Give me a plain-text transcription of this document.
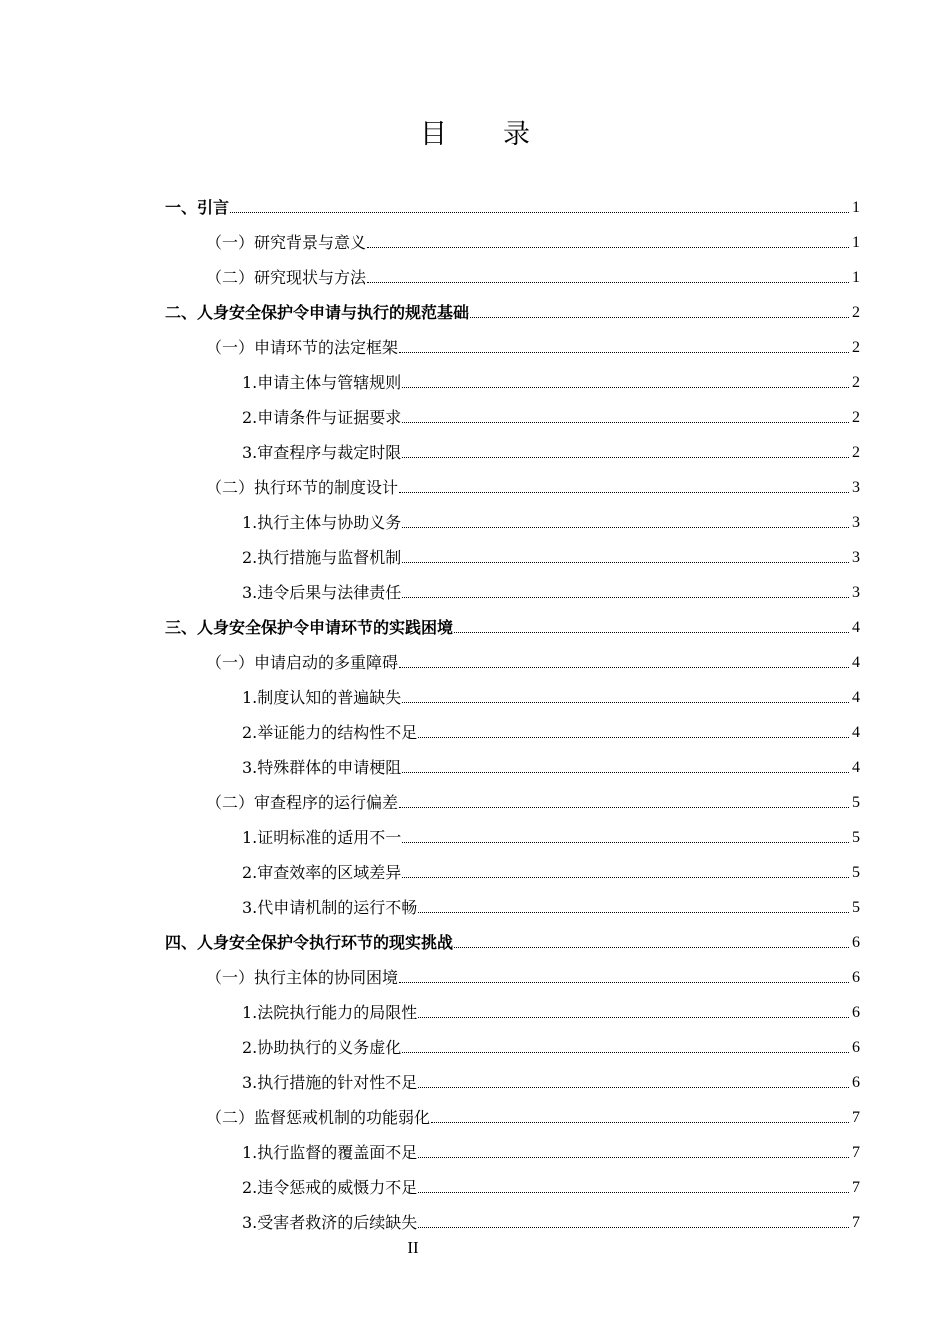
目 录
一、引言	1
（一）研究背景与意义	1
（二）研究现状与方法	1
二、人身安全保护令申请与执行的规范基础	2
（一）申请环节的法定框架	2
1.申请主体与管辖规则	2
2.申请条件与证据要求	2
3.审查程序与裁定时限	2
（二）执行环节的制度设计	3
1.执行主体与协助义务	3
2.执行措施与监督机制	3
3.违令后果与法律责任	3
三、人身安全保护令申请环节的实践困境	4
（一）申请启动的多重障碍	4
1.制度认知的普遍缺失	4
2.举证能力的结构性不足	4
3.特殊群体的申请梗阻	4
（二）审查程序的运行偏差	5
1.证明标准的适用不一	5
2.审查效率的区域差异	5
3.代申请机制的运行不畅	5
四、人身安全保护令执行环节的现实挑战	6
（一）执行主体的协同困境	6
1.法院执行能力的局限性	6
2.协助执行的义务虚化	6
3.执行措施的针对性不足	6
（二）监督惩戒机制的功能弱化	7
1.执行监督的覆盖面不足	7
2.违令惩戒的威慑力不足	7
3.受害者救济的后续缺失	7
II
